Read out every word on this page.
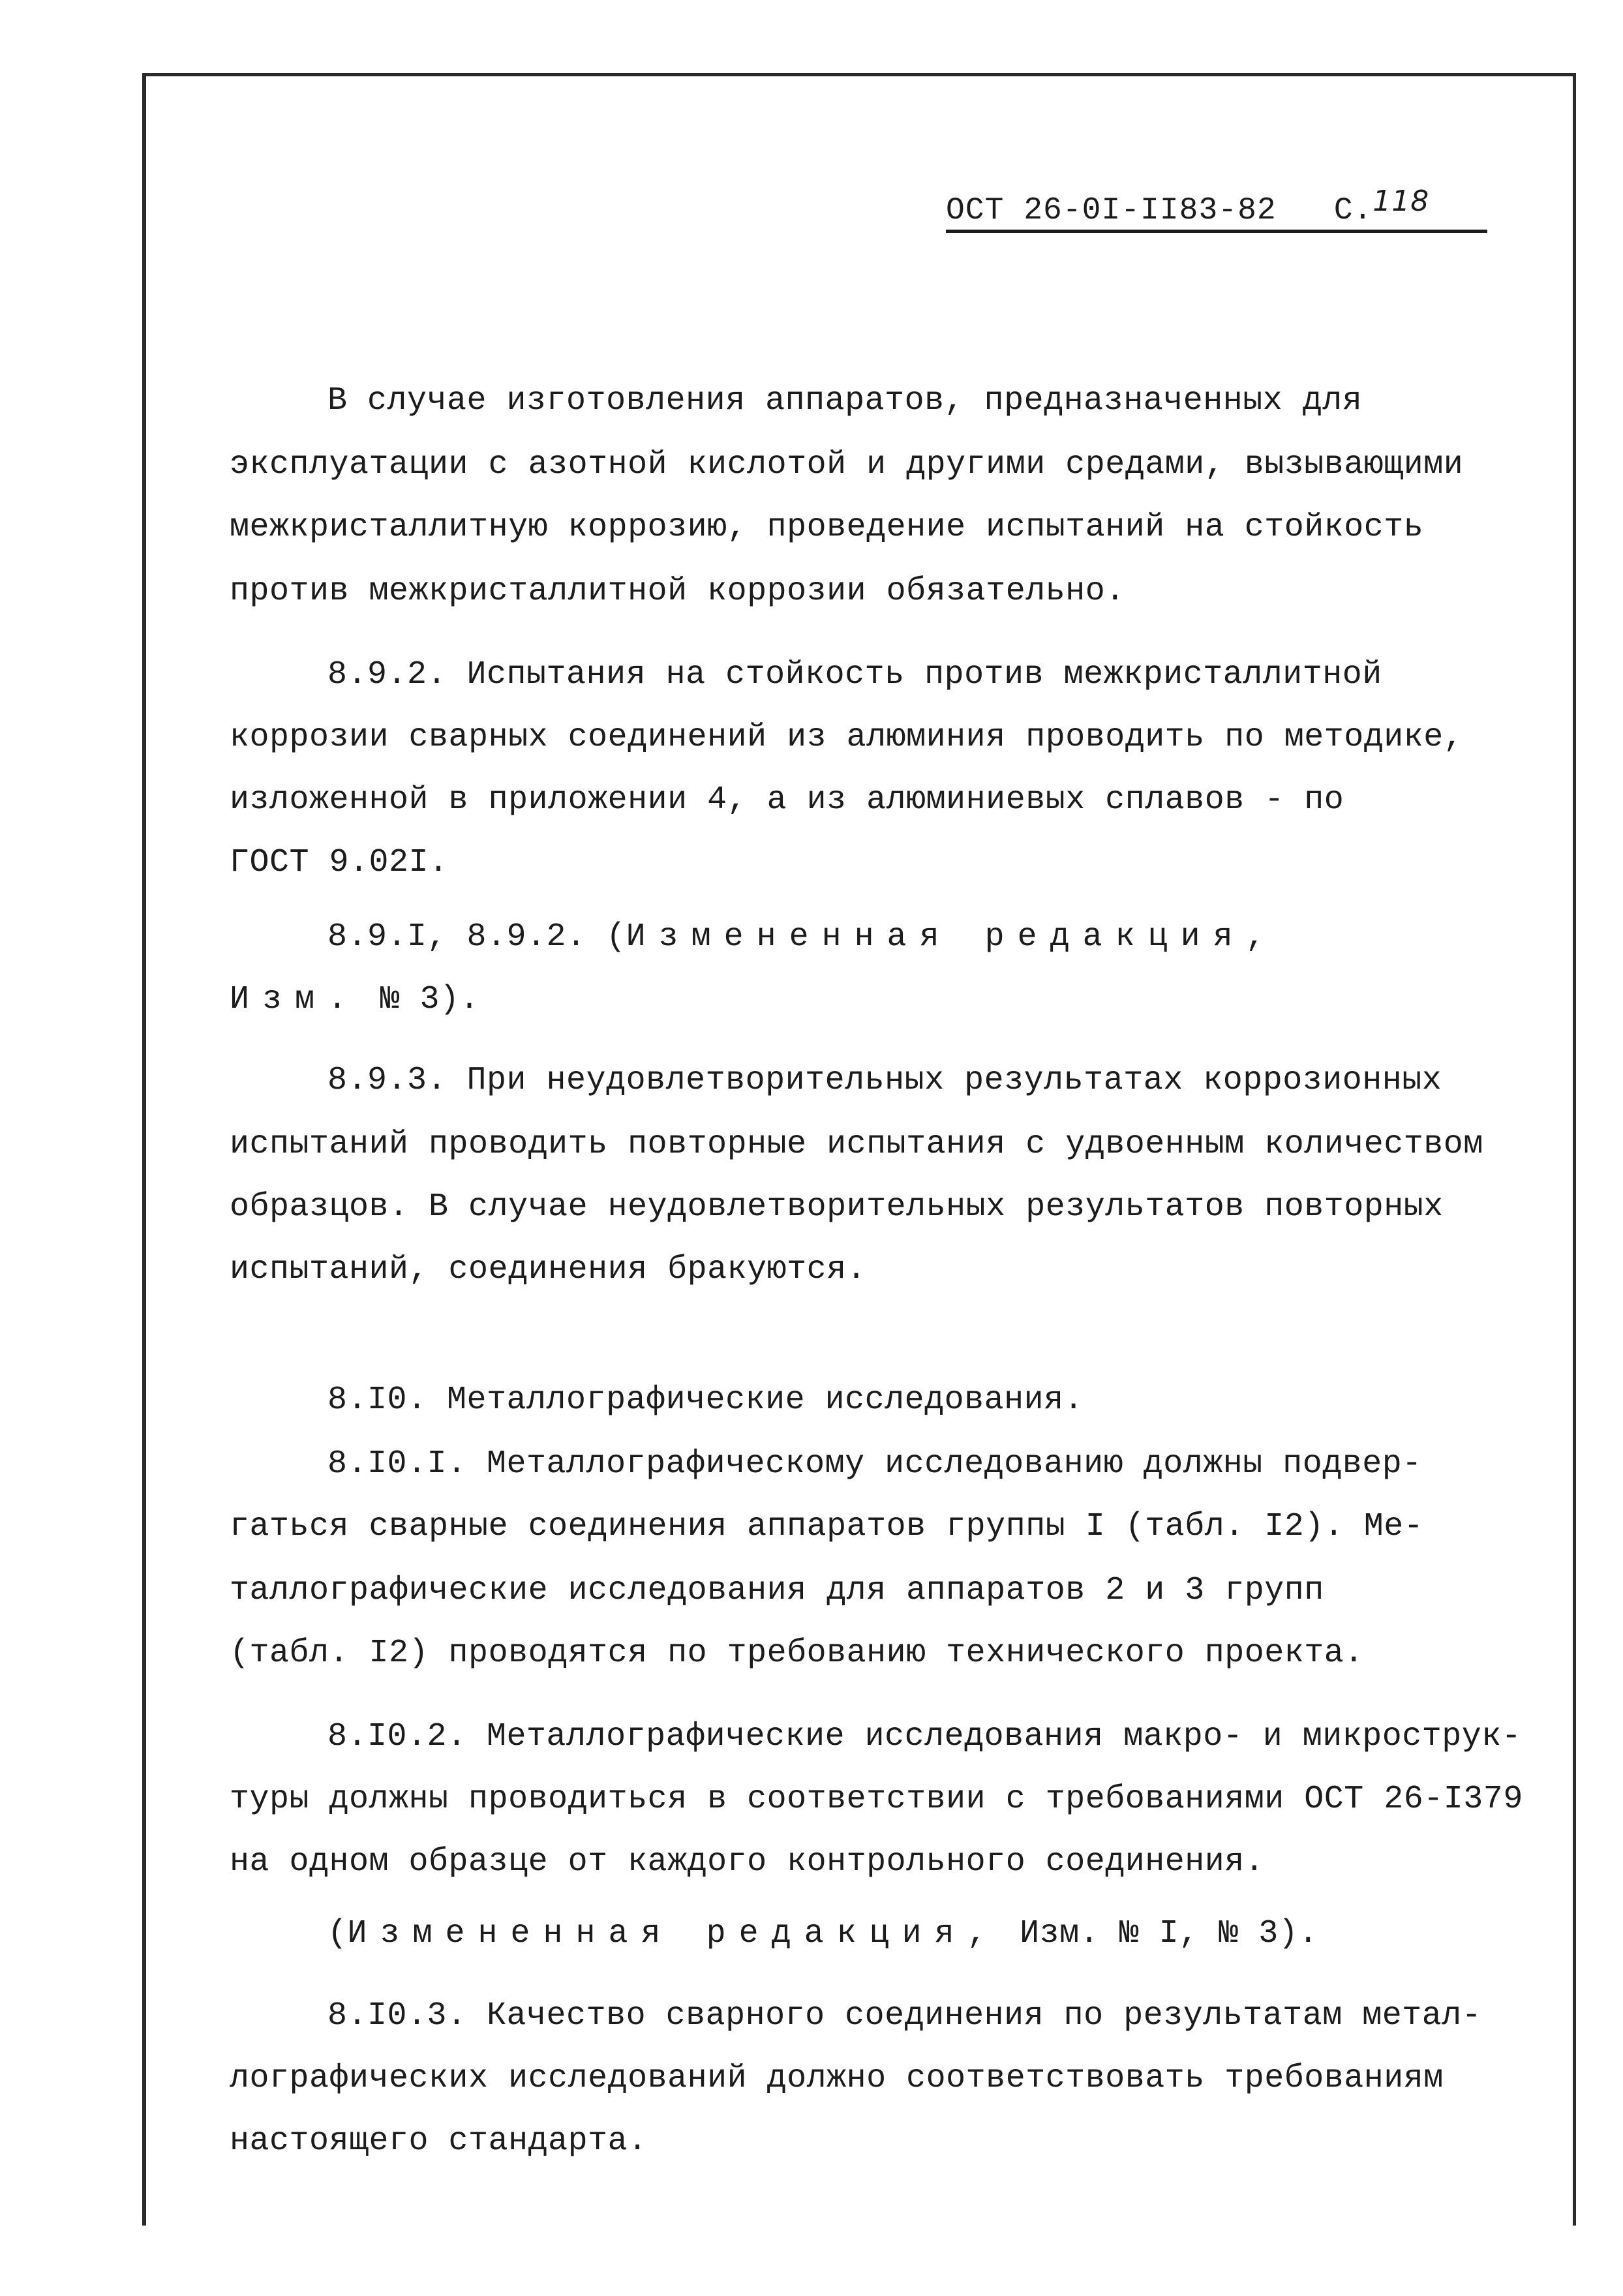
ОСТ 26-0I-II83-82 С.118
В случае изготовления аппаратов, предназначенных для
эксплуатации с азотной кислотой и другими средами, вызывающими
межкристаллитную коррозию, проведение испытаний на стойкость
против межкристаллитной коррозии обязательно.
8.9.2. Испытания на стойкость против межкристаллитной
коррозии сварных соединений из алюминия проводить по методике,
изложенной в приложении 4, а из алюминиевых сплавов - по
ГОСТ 9.02I.
8.9.I, 8.9.2. (Измененная редакция,
Изм. № 3).
8.9.3. При неудовлетворительных результатах коррозионных
испытаний проводить повторные испытания с удвоенным количеством
образцов. В случае неудовлетворительных результатов повторных
испытаний, соединения бракуются.
8.I0. Металлографические исследования.
8.I0.I. Металлографическому исследованию должны подвер-
гаться сварные соединения аппаратов группы I (табл. I2). Ме-
таллографические исследования для аппаратов 2 и 3 групп
(табл. I2) проводятся по требованию технического проекта.
8.I0.2. Металлографические исследования макро- и микрострук-
туры должны проводиться в соответствии с требованиями ОСТ 26-I379
на одном образце от каждого контрольного соединения.
(Измененная редакция, Изм. № I, № 3).
8.I0.3. Качество сварного соединения по результатам метал-
лографических исследований должно соответствовать требованиям
настоящего стандарта.
